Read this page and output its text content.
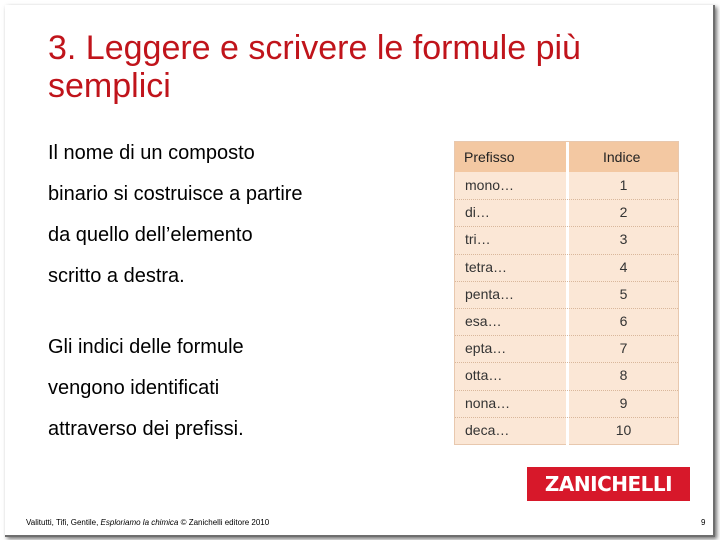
3. Leggere e scrivere le formule più semplici
Il nome di un composto
binario si costruisce a partire
da quello dell’elemento
scritto a destra.
Gli indici delle formule
vengono identificati
attraverso dei prefissi.
Prefisso	Indice
mono…	1
di…	2
tri…	3
tetra…	4
penta…	5
esa…	6
epta…	7
otta…	8
nona…	9
deca…	10
ZANICHELLI
Valitutti, Tifi, Gentile, Esploriamo la chimica © Zanichelli editore 2010	9
